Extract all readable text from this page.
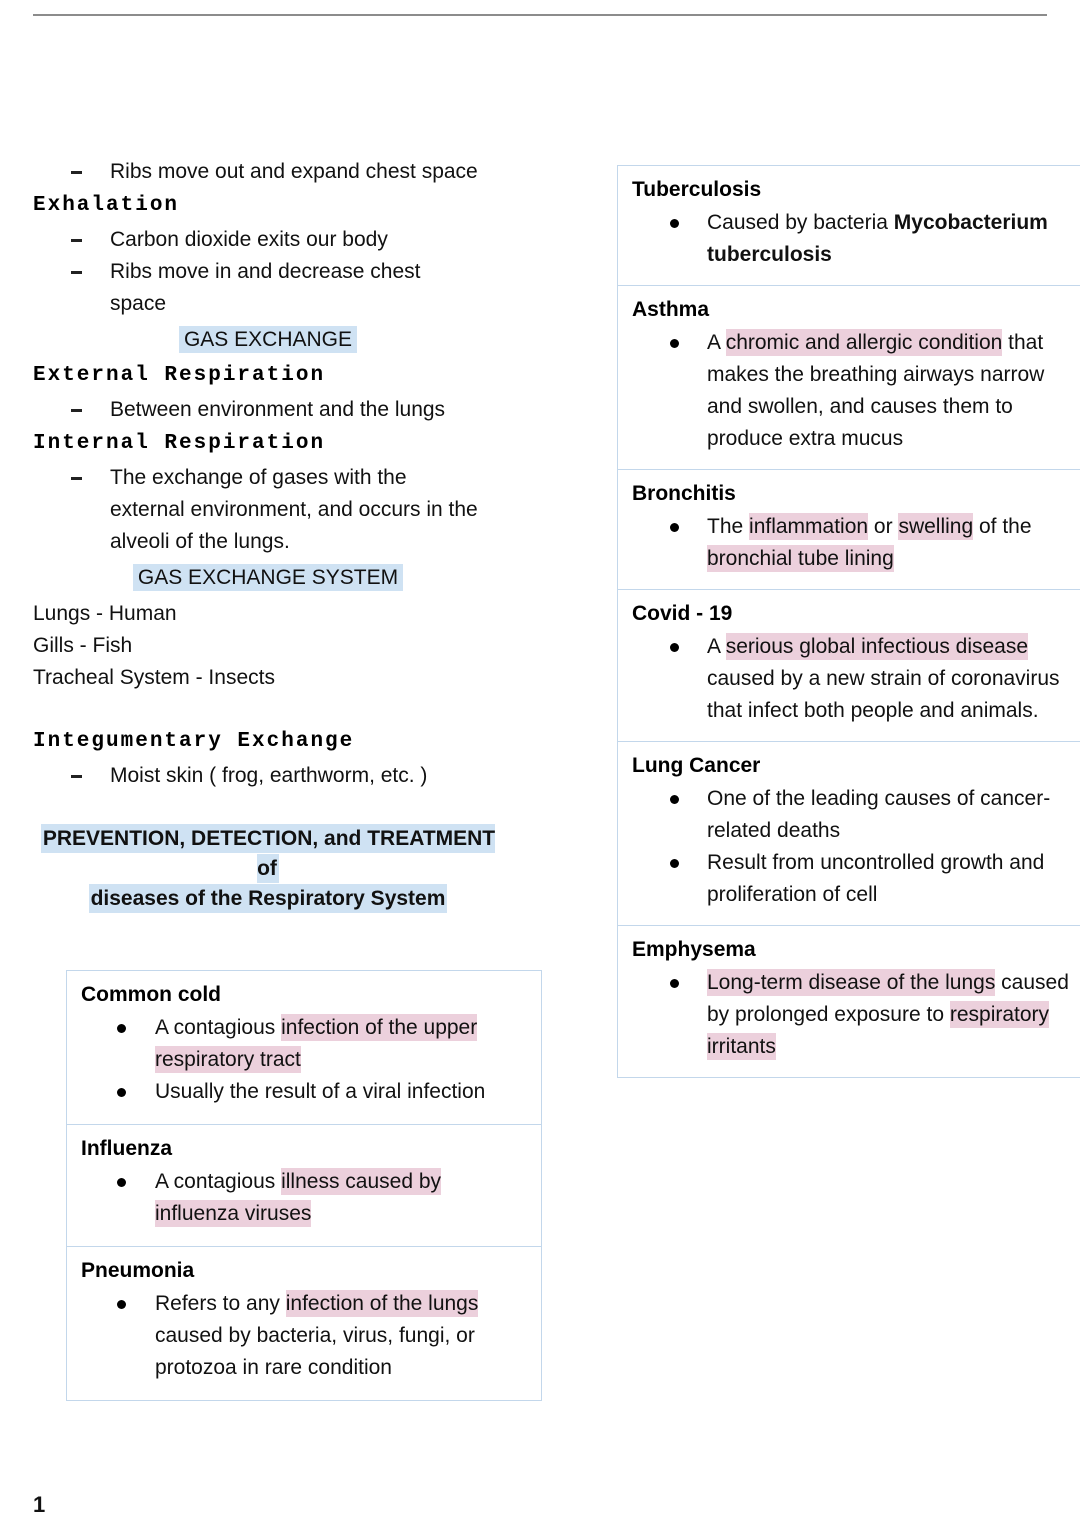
Ribs move out and expand chest space
Exhalation
Carbon dioxide exits our body
Ribs move in and decrease chest space
GAS EXCHANGE
External Respiration
Between environment and the lungs
Internal Respiration
The exchange of gases with the external environment, and occurs in the alveoli of the lungs.
GAS EXCHANGE SYSTEM
Lungs - Human
Gills - Fish
Tracheal System - Insects
Integumentary Exchange
Moist skin ( frog, earthworm, etc. )
PREVENTION, DETECTION, and TREATMENT of
diseases of the Respiratory System
Common cold
A contagious infection of the upper respiratory tract
Usually the result of a viral infection
Influenza
A contagious illness caused by influenza viruses
Pneumonia
Refers to any infection of the lungs caused by bacteria, virus, fungi, or protozoa in rare condition
Tuberculosis
Caused by bacteria Mycobacterium tuberculosis
Asthma
A chromic and allergic condition that makes the breathing airways narrow and swollen, and causes them to produce extra mucus
Bronchitis
The inflammation or swelling of the bronchial tube lining
Covid - 19
A serious global infectious disease caused by a new strain of coronavirus that infect both people and animals.
Lung Cancer
One of the leading causes of cancer-related deaths
Result from uncontrolled growth and proliferation of cell
Emphysema
Long-term disease of the lungs caused by prolonged exposure to respiratory irritants
1
